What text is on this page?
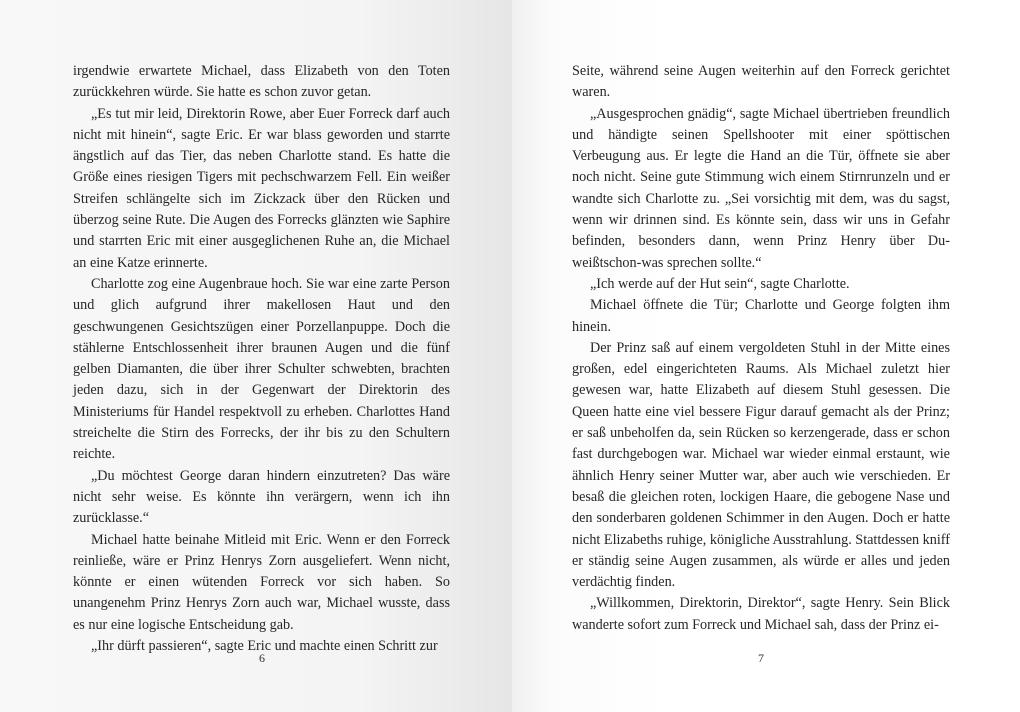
irgendwie erwartete Michael, dass Elizabeth von den Toten zurückkehren würde. Sie hatte es schon zuvor getan.

„Es tut mir leid, Direktorin Rowe, aber Euer Forreck darf auch nicht mit hinein“, sagte Eric. Er war blass geworden und starrte ängstlich auf das Tier, das neben Charlotte stand. Es hatte die Größe eines riesigen Tigers mit pechschwarzem Fell. Ein weißer Streifen schlängelte sich im Zickzack über den Rücken und überzog seine Rute. Die Augen des Forrecks glänzten wie Saphire und starrten Eric mit einer ausgeglichenen Ruhe an, die Michael an eine Katze erinnerte.

Charlotte zog eine Augenbraue hoch. Sie war eine zarte Person und glich aufgrund ihrer makellosen Haut und den geschwungenen Gesichtszügen einer Porzellanpuppe. Doch die stählerne Entschlossenheit ihrer braunen Augen und die fünf gelben Diamanten, die über ihrer Schulter schwebten, brachten jeden dazu, sich in der Gegenwart der Direktorin des Ministeriums für Handel respektvoll zu erheben. Charlottes Hand streichelte die Stirn des Forrecks, der ihr bis zu den Schultern reichte.

„Du möchtest George daran hindern einzutreten? Das wäre nicht sehr weise. Es könnte ihn verärgern, wenn ich ihn zurücklasse.“

Michael hatte beinahe Mitleid mit Eric. Wenn er den Forreck reinließe, wäre er Prinz Henrys Zorn ausgeliefert. Wenn nicht, könnte er einen wütenden Forreck vor sich haben. So unangenehm Prinz Henrys Zorn auch war, Michael wusste, dass es nur eine logische Entscheidung gab.

„Ihr dürft passieren“, sagte Eric und machte einen Schritt zur

6

Seite, während seine Augen weiterhin auf den Forreck gerichtet waren.

„Ausgesprochen gnädig“, sagte Michael übertrieben freundlich und händigte seinen Spellshooter mit einer spöttischen Verbeugung aus. Er legte die Hand an die Tür, öffnete sie aber noch nicht. Seine gute Stimmung wich einem Stirnrunzeln und er wandte sich Charlotte zu. „Sei vorsichtig mit dem, was du sagst, wenn wir drinnen sind. Es könnte sein, dass wir uns in Gefahr befinden, besonders dann, wenn Prinz Henry über Du-weißtschon-was sprechen sollte.“

„Ich werde auf der Hut sein“, sagte Charlotte.

Michael öffnete die Tür; Charlotte und George folgten ihm hinein.

Der Prinz saß auf einem vergoldeten Stuhl in der Mitte eines großen, edel eingerichteten Raums. Als Michael zuletzt hier gewesen war, hatte Elizabeth auf diesem Stuhl gesessen. Die Queen hatte eine viel bessere Figur darauf gemacht als der Prinz; er saß unbeholfen da, sein Rücken so kerzengerade, dass er schon fast durchgebogen war. Michael war wieder einmal erstaunt, wie ähnlich Henry seiner Mutter war, aber auch wie verschieden. Er besaß die gleichen roten, lockigen Haare, die gebogene Nase und den sonderbaren goldenen Schimmer in den Augen. Doch er hatte nicht Elizabeths ruhige, königliche Ausstrahlung. Stattdessen kniff er ständig seine Augen zusammen, als würde er alles und jeden verdächtig finden.

„Willkommen, Direktorin, Direktor“, sagte Henry. Sein Blick wanderte sofort zum Forreck und Michael sah, dass der Prinz ei-

7
